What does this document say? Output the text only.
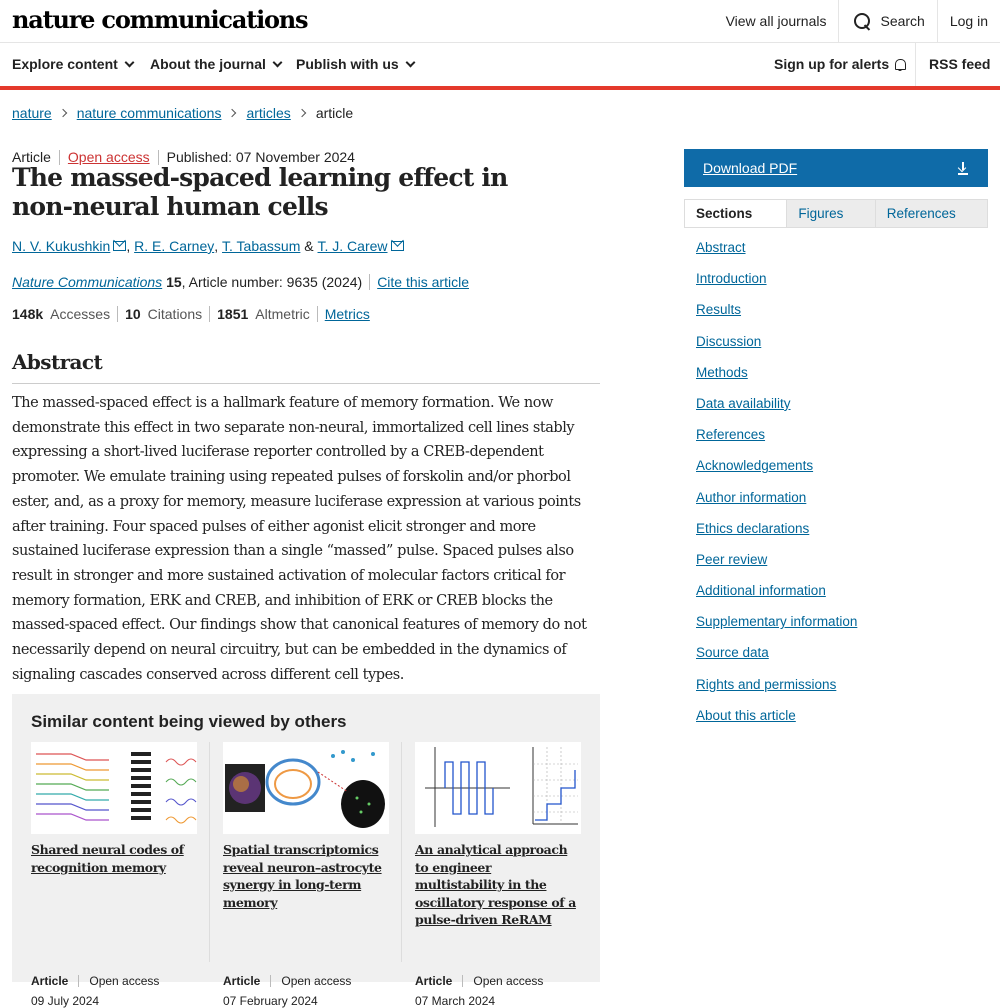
nature communications	View all journals	Search	Log in
Explore content About the journal Publish with us	Sign up for alerts	RSS feed
nature nature communications articles article
Article Open access Published: 07 November 2024
The massed-spaced learning effect in non-neural human cells
N. V. Kukushkin ,
R. E. Carney ,
T. Tabassum
&
T. J. Carew
Nature Communications
15 , Article number: 9635 (2024) Cite this article
148k Accesses 10 Citations 1851 Altmetric Metrics
Abstract

The massed-spaced effect is a hallmark feature of memory formation. We now demonstrate this effect in two separate non-neural, immortalized cell lines stably expressing a short-lived luciferase reporter controlled by a CREB-dependent promoter. We emulate training using repeated pulses of forskolin and/or phorbol ester, and, as a proxy for memory, measure luciferase expression at various points after training. Four spaced pulses of either agonist elicit stronger and more sustained luciferase expression than a single “massed” pulse. Spaced pulses also result in stronger and more sustained activation of molecular factors critical for memory formation, ERK and CREB, and inhibition of ERK or CREB blocks the massed-spaced effect. Our findings show that canonical features of memory do not necessarily depend on neural circuitry, but can be embedded in the dynamics of signaling cascades conserved across different cell types.

Similar content being viewed by others
Shared neural codes of recognition memory
Article Open access
09 July 2024
Spatial transcriptomics reveal neuron–astrocyte synergy in long-term memory
Article Open access
07 February 2024
An analytical approach to engineer multistability in the oscillatory response of a pulse-driven ReRAM
Article Open access
07 March 2024
Download PDF
Sections	Figures	References
Abstract
Introduction
Results
Discussion
Methods
Data availability
References
Acknowledgements
Author information
Ethics declarations
Peer review
Additional information
Supplementary information
Source data
Rights and permissions
About this article
